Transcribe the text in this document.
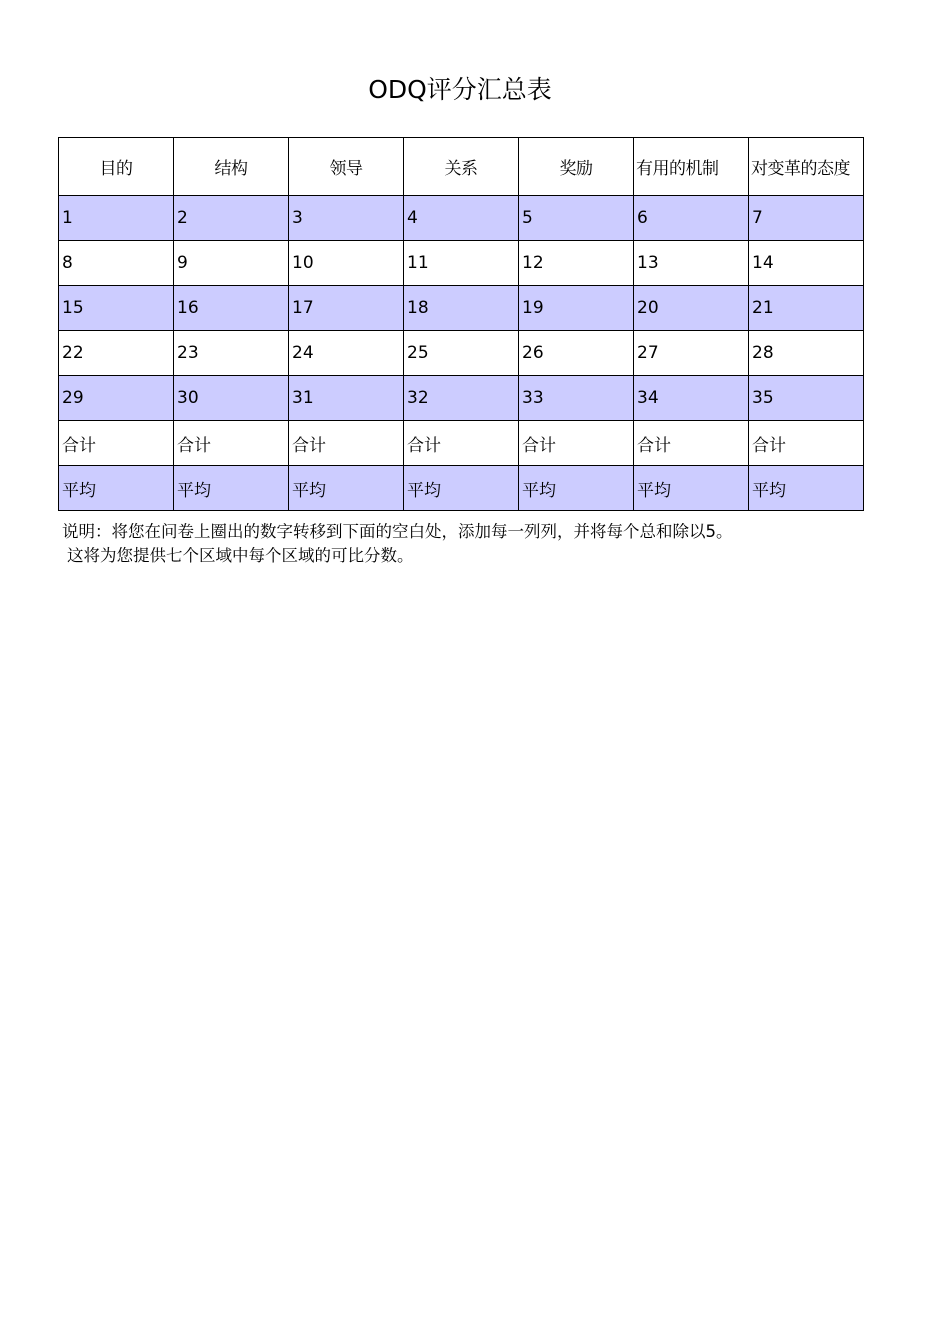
ODQ评分汇总表
目的	结构	领导	关系	奖励	有用的机制	对变革的态度
1	2	3	4	5	6	7
8	9	10	11	12	13	14
15	16	17	18	19	20	21
22	23	24	25	26	27	28
29	30	31	32	33	34	35
合计	合计	合计	合计	合计	合计	合计
平均	平均	平均	平均	平均	平均	平均
说明：将您在问卷上圈出的数字转移到下面的空白处，添加每一列列，并将每个总和除以5。
这将为您提供七个区域中每个区域的可比分数。
